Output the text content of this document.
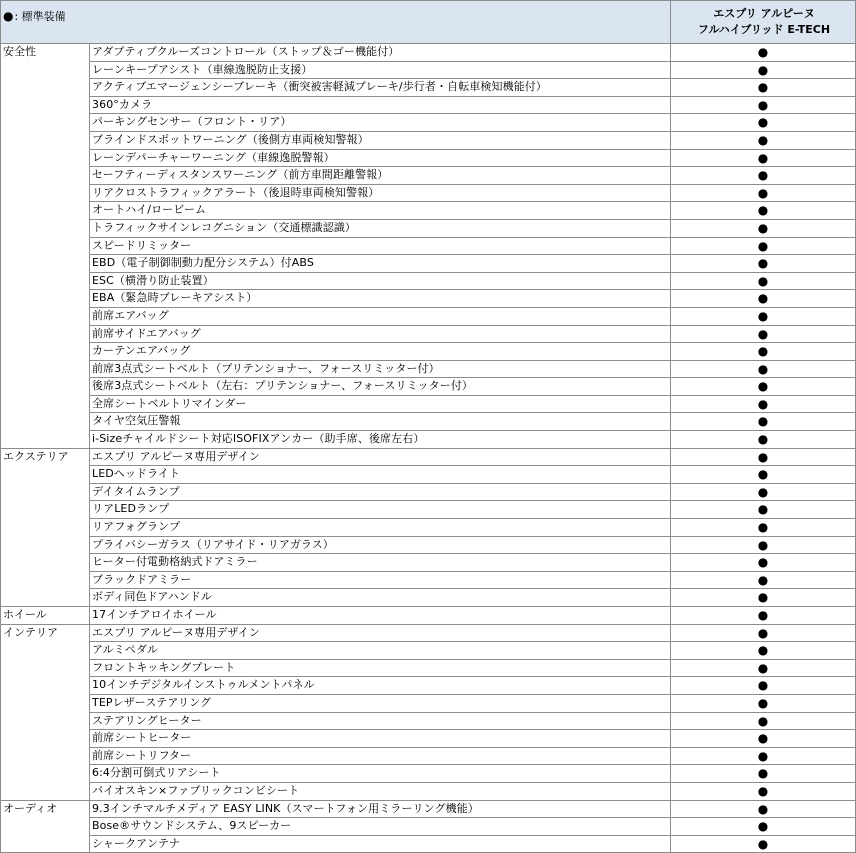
●: 標準装備		エスプリ アルピーヌ
フルハイブリッド E-TECH

安全性	アダプティブクルーズコントロール（ストップ＆ゴー機能付）	●
	レーンキープアシスト（車線逸脱防止支援）	●
	アクティブエマージェンシーブレーキ（衝突被害軽減ブレーキ/歩行者・自転車検知機能付）	●
	360°カメラ	●
	パーキングセンサー（フロント・リア）	●
	ブラインドスポットワーニング（後側方車両検知警報）	●
	レーンデパーチャーワーニング（車線逸脱警報）	●
	セーフティーディスタンスワーニング（前方車間距離警報）	●
	リアクロストラフィックアラート（後退時車両検知警報）	●
	オートハイ/ロービーム	●
	トラフィックサインレコグニション（交通標識認識）	●
	スピードリミッター	●
	EBD（電子制御制動力配分システム）付ABS	●
	ESC（横滑り防止装置）	●
	EBA（緊急時ブレーキアシスト）	●
	前席エアバッグ	●
	前席サイドエアバッグ	●
	カーテンエアバッグ	●
	前席3点式シートベルト（プリテンショナー、フォースリミッター付）	●
	後席3点式シートベルト（左右：プリテンショナー、フォースリミッター付）	●
	全席シートベルトリマインダー	●
	タイヤ空気圧警報	●
	i-Sizeチャイルドシート対応ISOFIXアンカー（助手席、後席左右）	●
エクステリア	エスプリ アルピーヌ専用デザイン	●
	LEDヘッドライト	●
	デイタイムランプ	●
	リアLEDランプ	●
	リアフォグランプ	●
	プライバシーガラス（リアサイド・リアガラス）	●
	ヒーター付電動格納式ドアミラー	●
	ブラックドアミラー	●
	ボディ同色ドアハンドル	●
ホイール	17インチアロイホイール	●
インテリア	エスプリ アルピーヌ専用デザイン	●
	アルミペダル	●
	フロントキッキングプレート	●
	10インチデジタルインストゥルメントパネル	●
	TEPレザーステアリング	●
	ステアリングヒーター	●
	前席シートヒーター	●
	前席シートリフター	●
	6:4分割可倒式リアシート	●
	バイオスキン×ファブリックコンビシート	●
オーディオ	9.3インチマルチメディア EASY LINK（スマートフォン用ミラーリング機能）	●
	Bose®サウンドシステム、9スピーカー	●
	シャークアンテナ	●
